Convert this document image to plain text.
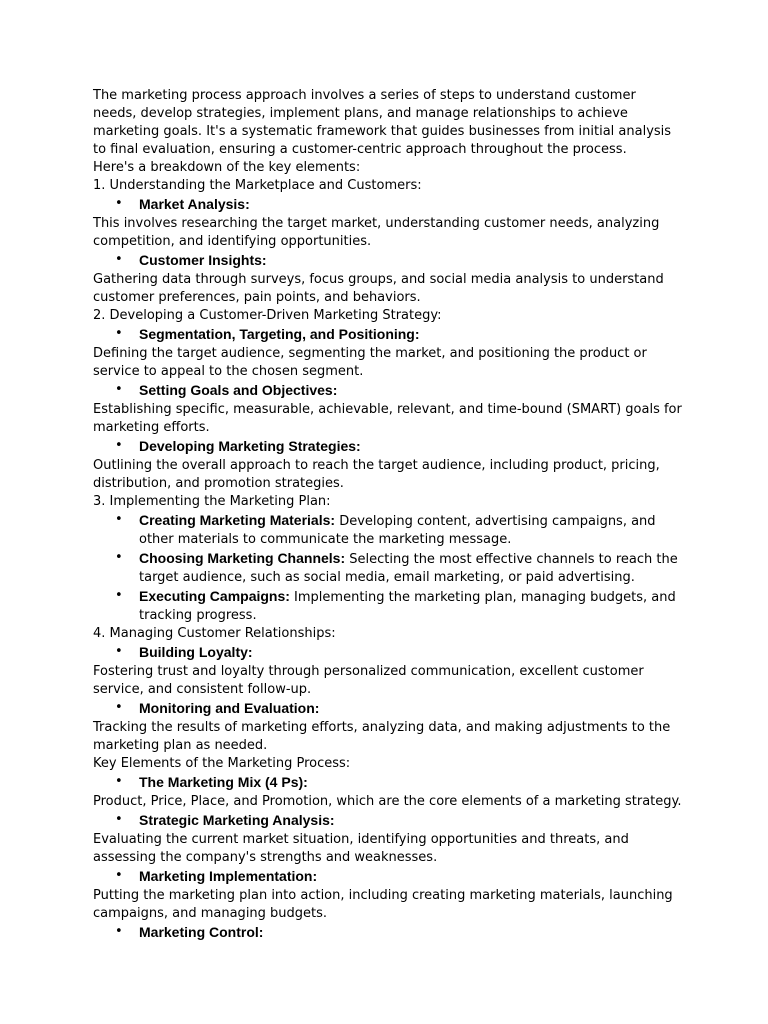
The marketing process approach involves a series of steps to understand customer needs, develop strategies, implement plans, and manage relationships to achieve marketing goals. It's a systematic framework that guides businesses from initial analysis to final evaluation, ensuring a customer-centric approach throughout the process.

Here's a breakdown of the key elements:

1. Understanding the Marketplace and Customers:

• Market Analysis:

This involves researching the target market, understanding customer needs, analyzing competition, and identifying opportunities.

• Customer Insights:

Gathering data through surveys, focus groups, and social media analysis to understand customer preferences, pain points, and behaviors.

2. Developing a Customer-Driven Marketing Strategy:

• Segmentation, Targeting, and Positioning:

Defining the target audience, segmenting the market, and positioning the product or service to appeal to the chosen segment.

• Setting Goals and Objectives:

Establishing specific, measurable, achievable, relevant, and time-bound (SMART) goals for marketing efforts.

• Developing Marketing Strategies:

Outlining the overall approach to reach the target audience, including product, pricing, distribution, and promotion strategies.

3. Implementing the Marketing Plan:

• Creating Marketing Materials: Developing content, advertising campaigns, and other materials to communicate the marketing message.
• Choosing Marketing Channels: Selecting the most effective channels to reach the target audience, such as social media, email marketing, or paid advertising.
• Executing Campaigns: Implementing the marketing plan, managing budgets, and tracking progress.

4. Managing Customer Relationships:

• Building Loyalty:

Fostering trust and loyalty through personalized communication, excellent customer service, and consistent follow-up.

• Monitoring and Evaluation:

Tracking the results of marketing efforts, analyzing data, and making adjustments to the marketing plan as needed.

Key Elements of the Marketing Process:

• The Marketing Mix (4 Ps):

Product, Price, Place, and Promotion, which are the core elements of a marketing strategy.

• Strategic Marketing Analysis:

Evaluating the current market situation, identifying opportunities and threats, and assessing the company's strengths and weaknesses.

• Marketing Implementation:

Putting the marketing plan into action, including creating marketing materials, launching campaigns, and managing budgets.

• Marketing Control:
